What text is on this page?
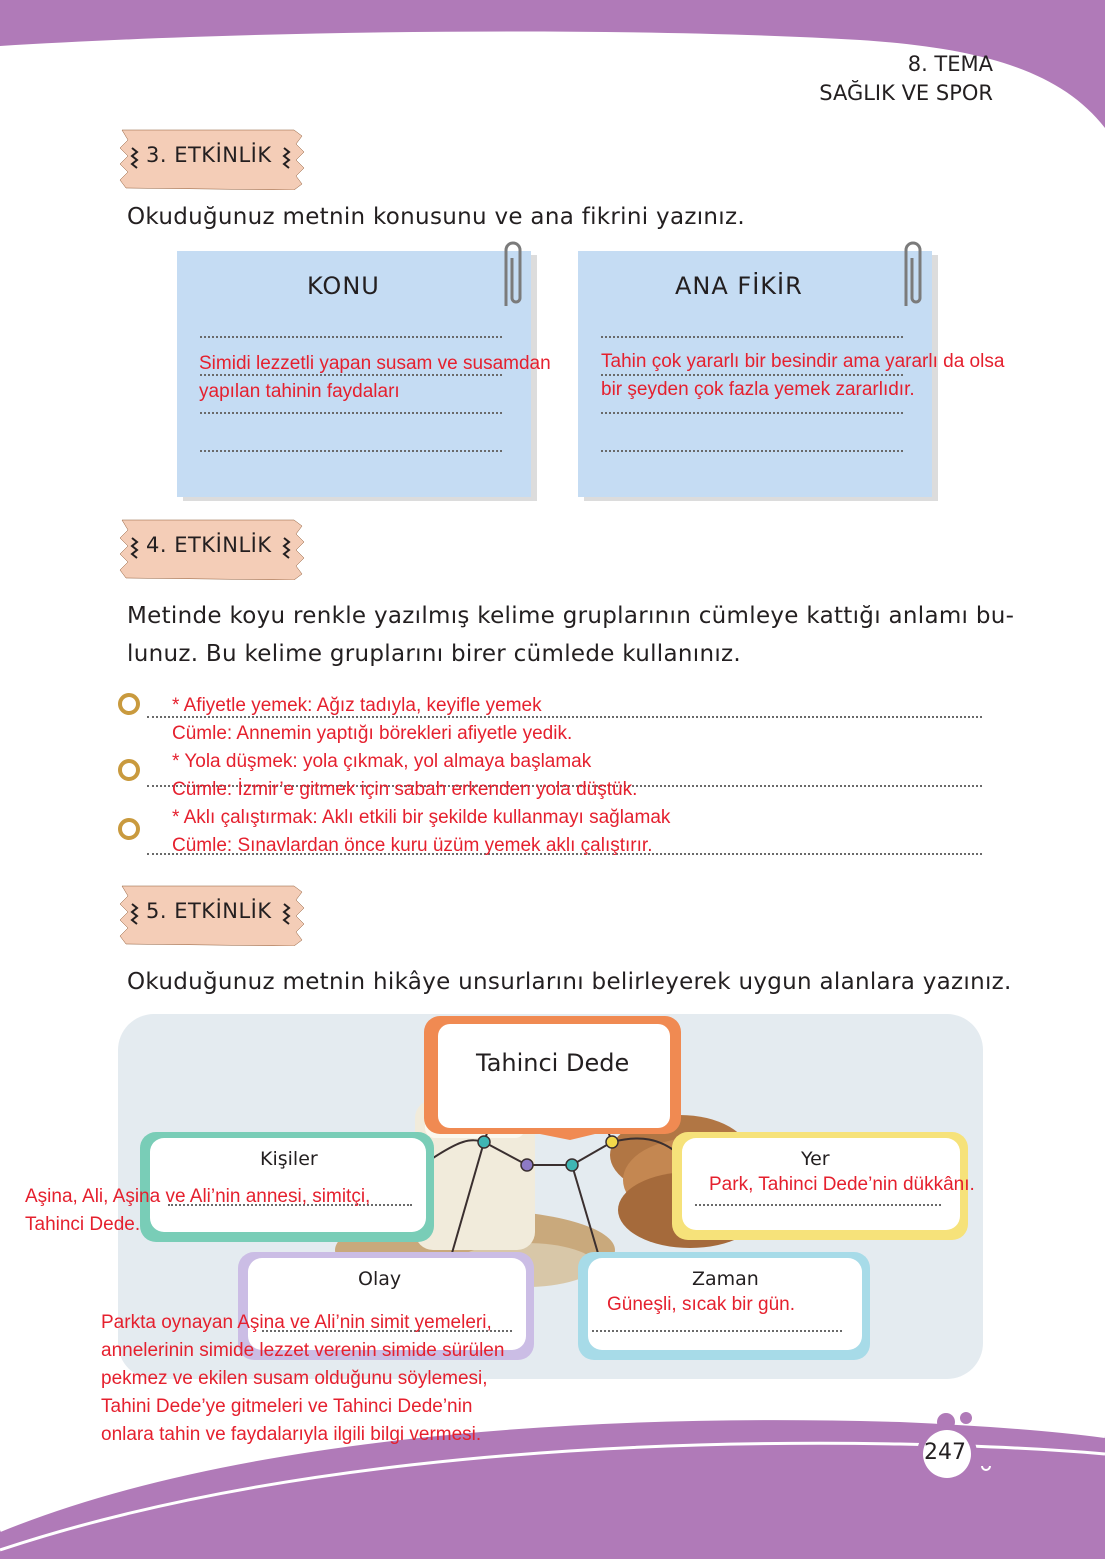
8. TEMA
SAĞLIK VE SPOR
3. ETKİNLİK
Okuduğunuz metnin konusunu ve ana fikrini yazınız.
KONU
Simidi lezzetli yapan susam ve susamdan
yapılan tahinin faydaları
ANA FİKİR
Tahin çok yararlı bir besindir ama yararlı da olsa
bir şeyden çok fazla yemek zararlıdır.
4. ETKİNLİK
Metinde koyu renkle yazılmış kelime gruplarının cümleye kattığı anlamı bu-
lunuz. Bu kelime gruplarını birer cümlede kullanınız.
* Afiyetle yemek: Ağız tadıyla, keyifle yemek
Cümle: Annemin yaptığı börekleri afiyetle yedik.
* Yola düşmek: yola çıkmak, yol almaya başlamak
Cümle: İzmir’e gitmek için sabah erkenden yola düştük.
* Aklı çalıştırmak: Aklı etkili bir şekilde kullanmayı sağlamak
Cümle: Sınavlardan önce kuru üzüm yemek aklı çalıştırır.
5. ETKİNLİK
Okuduğunuz metnin hikâye unsurlarını belirleyerek uygun alanlara yazınız.
Tahinci Dede
Kişiler	Yer
Park, Tahinci Dede’nin dükkânı.
Olay	Zaman
Güneşli, sıcak bir gün.
Aşina, Ali, Aşina ve Ali’nin annesi, simitçi,
Tahinci Dede.
Parkta oynayan Aşina ve Ali’nin simit yemeleri,
annelerinin simide lezzet verenin simide sürülen
pekmez ve ekilen susam olduğunu söylemesi,
Tahini Dede’ye gitmeleri ve Tahinci Dede’nin
onlara tahin ve faydalarıyla ilgili bilgi vermesi.
247
